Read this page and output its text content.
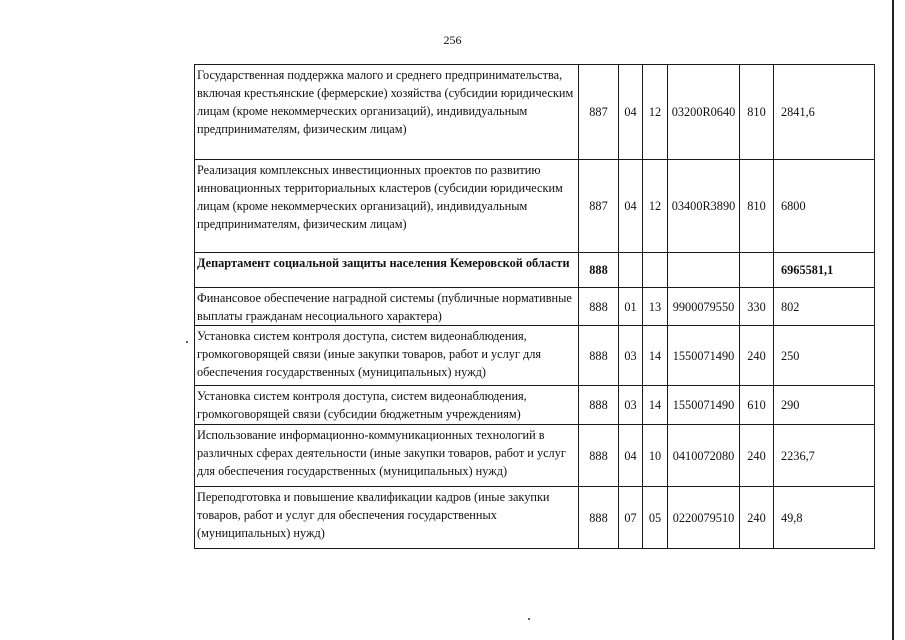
256
Государственная поддержка малого и среднего предпринимательства, включая крестьянские (фермерские) хозяйства (субсидии юридическим лицам (кроме некоммерческих организаций), индивидуальным предпринимателям, физическим лицам)	887	04	12	03200R0640	810	2841,6
Реализация комплексных инвестиционных проектов по развитию инновационных территориальных кластеров (субсидии юридическим лицам (кроме некоммерческих организаций), индивидуальным предпринимателям, физическим лицам)	887	04	12	03400R3890	810	6800
Департамент социальной защиты населения Кемеровской области	888					6965581,1
Финансовое обеспечение наградной системы (публичные нормативные выплаты гражданам несоциального характера)	888	01	13	9900079550	330	802
Установка систем контроля доступа, систем видеонаблюдения, громкоговорящей связи (иные закупки товаров, работ и услуг для обеспечения государственных (муниципальных) нужд)	888	03	14	1550071490	240	250
Установка систем контроля доступа, систем видеонаблюдения, громкоговорящей связи (субсидии бюджетным учреждениям)	888	03	14	1550071490	610	290
Использование информационно-коммуникационных технологий в различных сферах деятельности (иные закупки товаров, работ и услуг для обеспечения государственных (муниципальных) нужд)	888	04	10	0410072080	240	2236,7
Переподготовка и повышение квалификации кадров (иные закупки товаров, работ и услуг для обеспечения государственных (муниципальных) нужд)	888	07	05	0220079510	240	49,8
